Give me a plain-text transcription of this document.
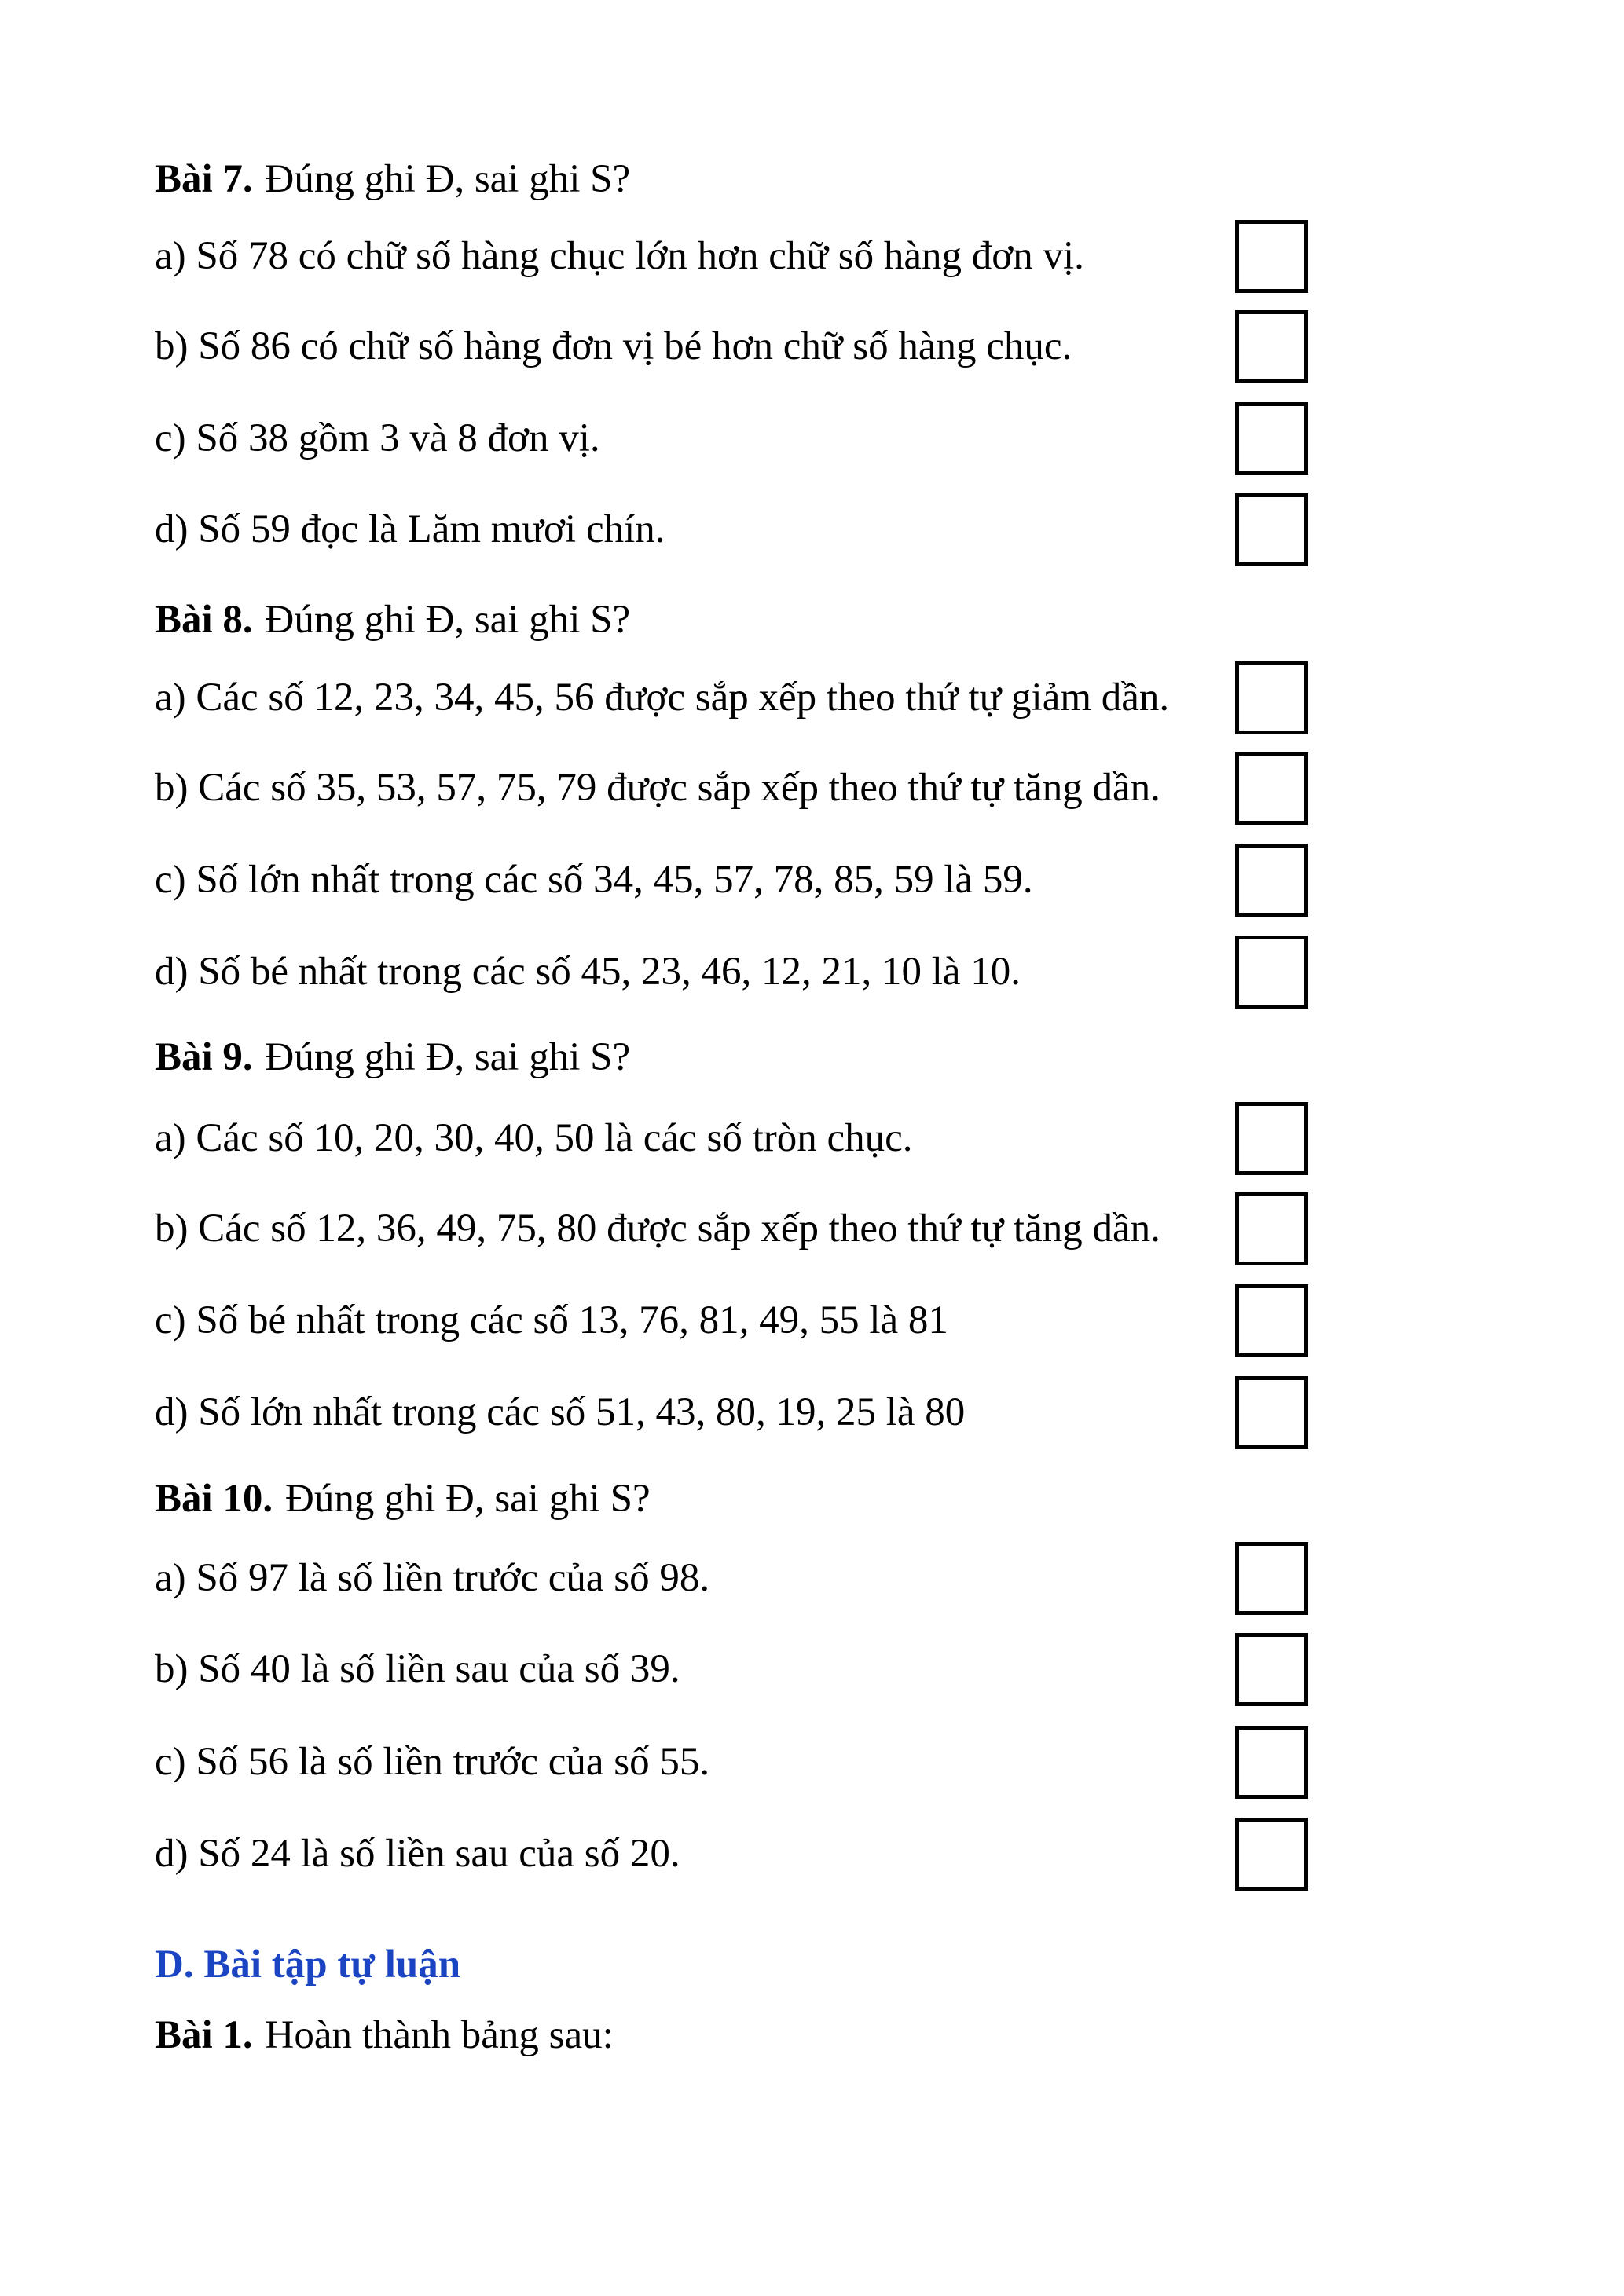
Bài 7. Đúng ghi Đ, sai ghi S?
a) Số 78 có chữ số hàng chục lớn hơn chữ số hàng đơn vị.
b) Số 86 có chữ số hàng đơn vị bé hơn chữ số hàng chục.
c) Số 38 gồm 3 và 8 đơn vị.
d) Số 59 đọc là Lăm mươi chín.
Bài 8. Đúng ghi Đ, sai ghi S?
a) Các số 12, 23, 34, 45, 56 được sắp xếp theo thứ tự giảm dần.
b) Các số 35, 53, 57, 75, 79 được sắp xếp theo thứ tự tăng dần.
c) Số lớn nhất trong các số 34, 45, 57, 78, 85, 59 là 59.
d) Số bé nhất trong các số 45, 23, 46, 12, 21, 10 là 10.
Bài 9. Đúng ghi Đ, sai ghi S?
a) Các số 10, 20, 30, 40, 50 là các số tròn chục.
b) Các số 12, 36, 49, 75, 80 được sắp xếp theo thứ tự tăng dần.
c) Số bé nhất trong các số 13, 76, 81, 49, 55 là 81
d) Số lớn nhất trong các số 51, 43, 80, 19, 25 là 80
Bài 10. Đúng ghi Đ, sai ghi S?
a) Số 97 là số liền trước của số 98.
b) Số 40 là số liền sau của số 39.
c) Số 56 là số liền trước của số 55.
d) Số 24 là số liền sau của số 20.
D. Bài tập tự luận
Bài 1. Hoàn thành bảng sau:
